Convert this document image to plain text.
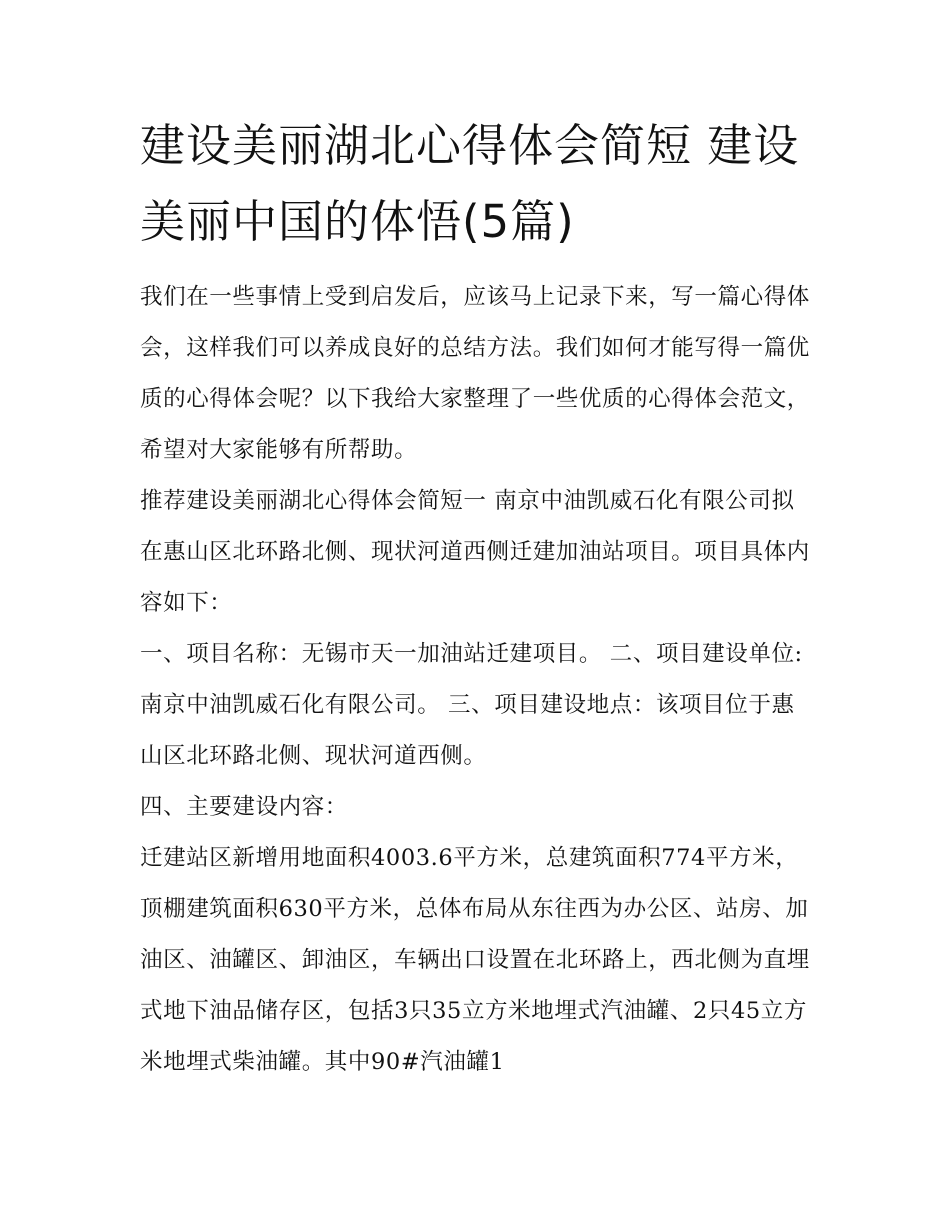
建设美丽湖北心得体会简短 建设美丽中国的体悟(5篇)

我们在一些事情上受到启发后，应该马上记录下来，写一篇心得体会，这样我们可以养成良好的总结方法。我们如何才能写得一篇优质的心得体会呢？以下我给大家整理了一些优质的心得体会范文，希望对大家能够有所帮助。

推荐建设美丽湖北心得体会简短一 南京中油凯威石化有限公司拟在惠山区北环路北侧、现状河道西侧迁建加油站项目。项目具体内容如下：

一、项目名称：无锡市天一加油站迁建项目。 二、项目建设单位:南京中油凯威石化有限公司。 三、项目建设地点：该项目位于惠山区北环路北侧、现状河道西侧。

四、主要建设内容：

迁建站区新增用地面积4003.6平方米，总建筑面积774平方米，顶棚建筑面积630平方米，总体布局从东往西为办公区、站房、加油区、油罐区、卸油区，车辆出口设置在北环路上，西北侧为直埋式地下油品储存区，包括3只35立方米地埋式汽油罐、2只45立方米地埋式柴油罐。其中90#汽油罐1
